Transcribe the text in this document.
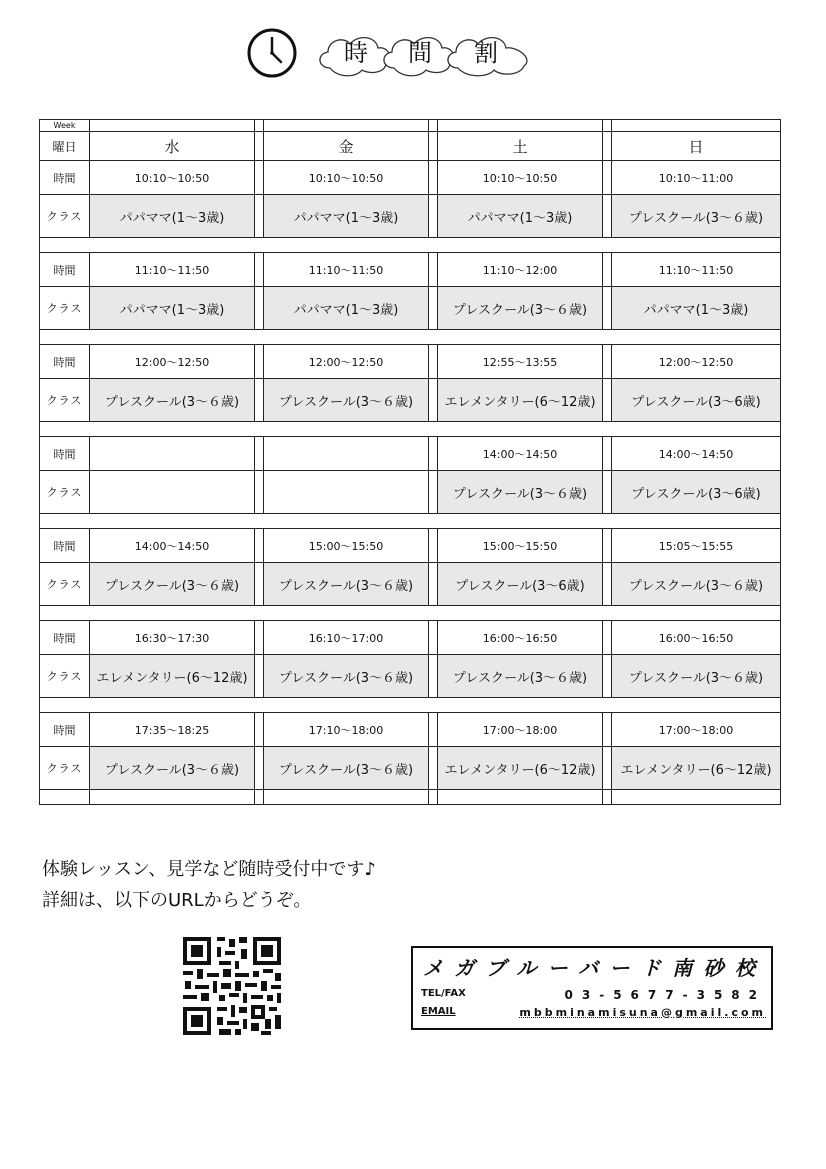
時	間	割
Week							
曜日	水		金		土		日
時間	10:10〜10:50		10:10〜10:50		10:10〜10:50		10:10〜11:00
クラス	パパママ(1〜3歳)		パパママ(1〜3歳)		パパママ(1〜3歳)		プレスクール(3〜６歳)

時間	11:10〜11:50		11:10〜11:50		11:10〜12:00		11:10〜11:50
クラス	パパママ(1〜3歳)		パパママ(1〜3歳)		プレスクール(3〜６歳)		パパママ(1〜3歳)

時間	12:00〜12:50		12:00〜12:50		12:55〜13:55		12:00〜12:50
クラス	プレスクール(3〜６歳)		プレスクール(3〜６歳)		エレメンタリー(6〜12歳)		プレスクール(3〜6歳)

時間					14:00〜14:50		14:00〜14:50
クラス					プレスクール(3〜６歳)		プレスクール(3〜6歳)

時間	14:00〜14:50		15:00〜15:50		15:00〜15:50		15:05〜15:55
クラス	プレスクール(3〜６歳)		プレスクール(3〜６歳)		プレスクール(3〜6歳)		プレスクール(3〜６歳)

時間	16:30〜17:30		16:10〜17:00		16:00〜16:50		16:00〜16:50
クラス	エレメンタリー(6〜12歳)		プレスクール(3〜６歳)		プレスクール(3〜６歳)		プレスクール(3〜６歳)

時間	17:35〜18:25		17:10〜18:00		17:00〜18:00		17:00〜18:00
クラス	プレスクール(3〜６歳)		プレスクール(3〜６歳)		エレメンタリー(6〜12歳)		エレメンタリー(6〜12歳)

体験レッスン、見学など随時受付中です♪
詳細は、以下のURLからどうぞ。
メガブルーバード南砂校
TEL/FAX	03-5677-3582
EMAIL	mbbminamisuna@gmail.com
